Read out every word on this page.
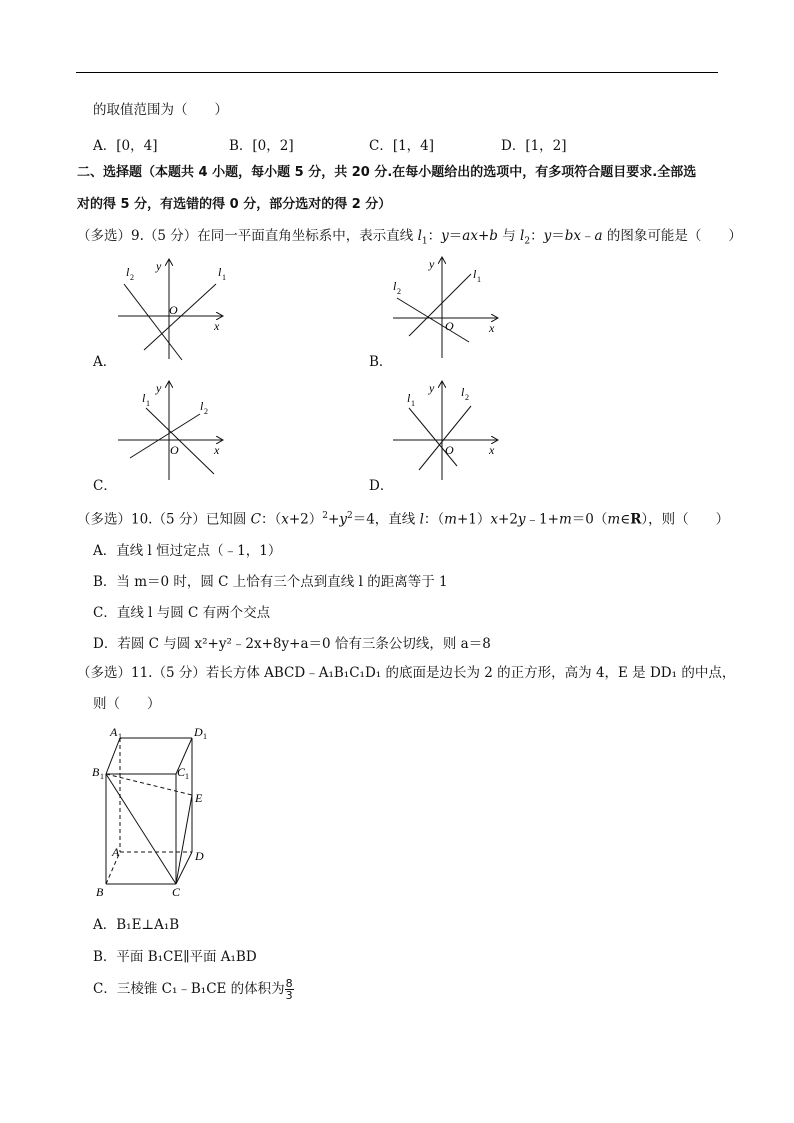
的取值范围为（　　）
A．[0，4]	B．[0，2]	C．[1，4]	D．[1，2]
二、选择题（本题共 4 小题，每小题 5 分，共 20 分.在每小题给出的选项中，有多项符合题目要求.全部选
对的得 5 分，有选错的得 0 分，部分选对的得 2 分）
（多选）9.（5 分）在同一平面直角坐标系中，表示直线 $l_1$：y＝ax+b 与 $l_2$：y＝bx﹣a 的图象可能是（　　）
l 2	l 1
y
x
O
A．
l 2
l 1
y
x
O
B．
l 1	l 2
y
x
O
C．
l 1
l 2
y
x
O
D．
（多选）10.（5 分）已知圆 C：$(x+2)^2+y^2=4$，直线 l：（m+1）x+2y﹣1+m＝0（m∈R），则（　　）
A．直线 l 恒过定点（﹣1，1）
B．当 m＝0 时，圆 C 上恰有三个点到直线 l 的距离等于 1
C．直线 l 与圆 C 有两个交点
D．若圆 C 与圆 x²+y²﹣2x+8y+a＝0 恰有三条公切线，则 a＝8
（多选）11.（5 分）若长方体 ABCD﹣A₁B₁C₁D₁ 的底面是边长为 2 的正方形，高为 4，E 是 DD₁ 的中点，
则（　　）
A 1	D 1
B 1	C 1
E
A	D
B	C
A．B₁E⊥A₁B
B．平面 B₁CE∥平面 A₁BD
C．三棱锥 C₁﹣B₁CE 的体积为 $\frac{8}{3}$
